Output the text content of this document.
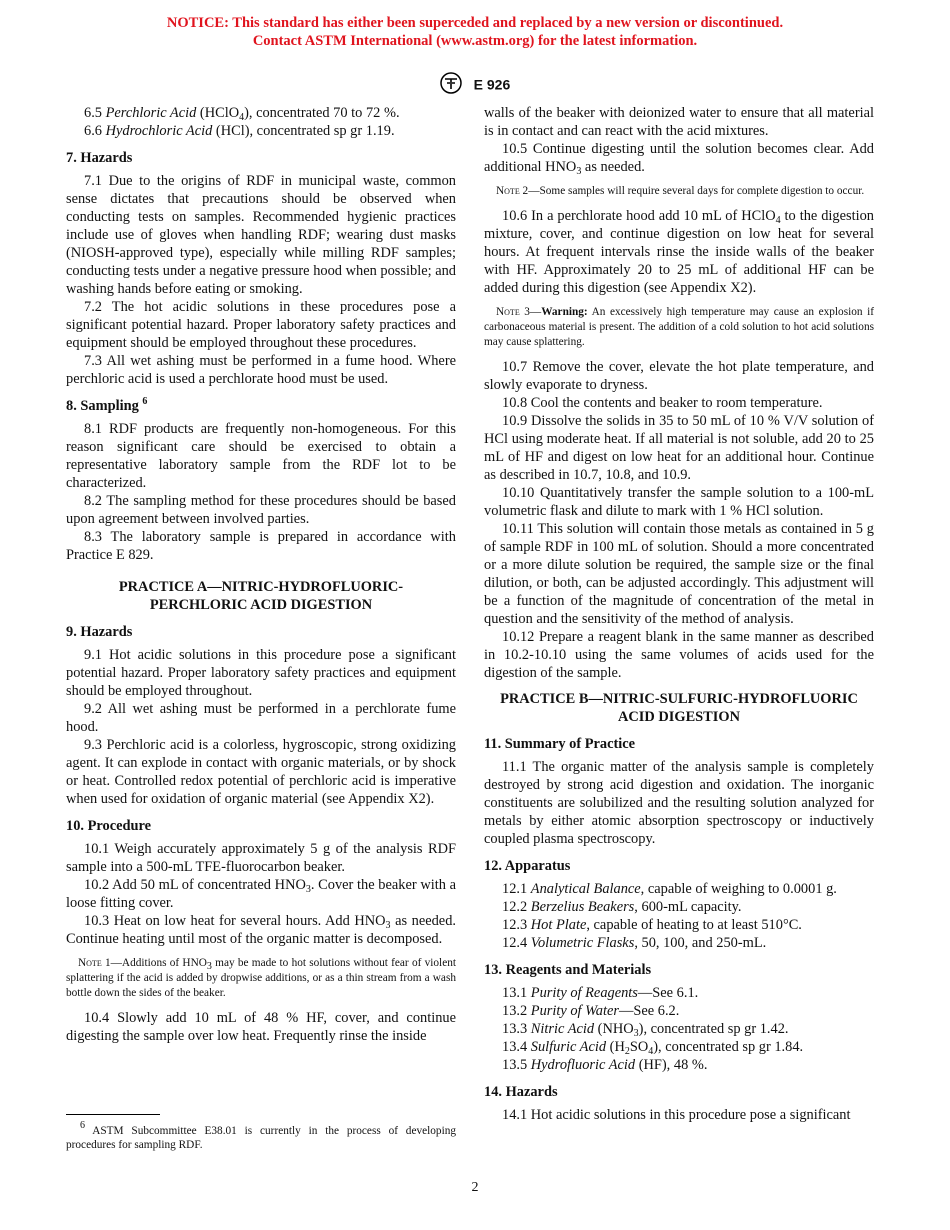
NOTICE: This standard has either been superceded and replaced by a new version or discontinued.
Contact ASTM International (www.astm.org) for the latest information.
E 926

6.5 Perchloric Acid (HClO$_4$), concentrated 70 to 72 %.

6.6 Hydrochloric Acid (HCl), concentrated sp gr 1.19.

7. Hazards

7.1 Due to the origins of RDF in municipal waste, common sense dictates that precautions should be observed when conducting tests on samples. Recommended hygienic practices include use of gloves when handling RDF; wearing dust masks (NIOSH-approved type), especially while milling RDF samples; conducting tests under a negative pressure hood when possible; and washing hands before eating or smoking.

7.2 The hot acidic solutions in these procedures pose a significant potential hazard. Proper laboratory safety practices and equipment should be employed throughout these procedures.

7.3 All wet ashing must be performed in a fume hood. Where perchloric acid is used a perchlorate hood must be used.

8. Sampling $^6$

8.1 RDF products are frequently non-homogeneous. For this reason significant care should be exercised to obtain a representative laboratory sample from the RDF lot to be characterized.

8.2 The sampling method for these procedures should be based upon agreement between involved parties.

8.3 The laboratory sample is prepared in accordance with Practice E 829.

PRACTICE A—NITRIC-HYDROFLUORIC-
PERCHLORIC ACID DIGESTION
9. Hazards

9.1 Hot acidic solutions in this procedure pose a significant potential hazard. Proper laboratory safety practices and equipment should be employed throughout.

9.2 All wet ashing must be performed in a perchlorate fume hood.

9.3 Perchloric acid is a colorless, hygroscopic, strong oxidizing agent. It can explode in contact with organic materials, or by shock or heat. Controlled redox potential of perchloric acid is imperative when used for oxidation of organic material (see Appendix X2).

10. Procedure

10.1 Weigh accurately approximately 5 g of the analysis RDF sample into a 500-mL TFE-fluorocarbon beaker.

10.2 Add 50 mL of concentrated $HNO_3$. Cover the beaker with a loose fitting cover.

10.3 Heat on low heat for several hours. Add $HNO_3$ as needed. Continue heating until most of the organic matter is decomposed.

Note 1—Additions of $HNO_3$ may be made to hot solutions without fear of violent splattering if the acid is added by dropwise additions, or as a thin stream from a wash bottle down the sides of the beaker.

10.4 Slowly add 10 mL of 48 % HF, cover, and continue digesting the sample over low heat. Frequently rinse the inside

$^6$ ASTM Subcommittee E38.01 is currently in the process of developing procedures for sampling RDF.

walls of the beaker with deionized water to ensure that all material is in contact and can react with the acid mixtures.

10.5 Continue digesting until the solution becomes clear. Add additional $HNO_3$ as needed.

Note 2—Some samples will require several days for complete digestion to occur.

10.6 In a perchlorate hood add 10 mL of HClO$_4$ to the digestion mixture, cover, and continue digestion on low heat for several hours. At frequent intervals rinse the inside walls of the beaker with HF. Approximately 20 to 25 mL of additional HF can be added during this digestion (see Appendix X2).

Note 3—Warning: An excessively high temperature may cause an explosion if carbonaceous material is present. The addition of a cold solution to hot acid solutions may cause splattering.

10.7 Remove the cover, elevate the hot plate temperature, and slowly evaporate to dryness.

10.8 Cool the contents and beaker to room temperature.

10.9 Dissolve the solids in 35 to 50 mL of 10 % V/V solution of HCl using moderate heat. If all material is not soluble, add 20 to 25 mL of HF and digest on low heat for an additional hour. Continue as described in 10.7, 10.8, and 10.9.

10.10 Quantitatively transfer the sample solution to a 100-mL volumetric flask and dilute to mark with 1 % HCl solution.

10.11 This solution will contain those metals as contained in 5 g of sample RDF in 100 mL of solution. Should a more concentrated or a more dilute solution be required, the sample size or the final dilution, or both, can be adjusted accordingly. This adjustment will be a function of the magnitude of concentration of the metal in question and the sensitivity of the method of analysis.

10.12 Prepare a reagent blank in the same manner as described in 10.2-10.10 using the same volumes of acids used for the digestion of the sample.

PRACTICE B—NITRIC-SULFURIC-HYDROFLUORIC
ACID DIGESTION
11. Summary of Practice

11.1 The organic matter of the analysis sample is completely destroyed by strong acid digestion and oxidation. The inorganic constituents are solubilized and the resulting solution analyzed for metals by either atomic absorption spectroscopy or inductively coupled plasma spectroscopy.

12. Apparatus

12.1 Analytical Balance, capable of weighing to 0.0001 g.

12.2 Berzelius Beakers, 600-mL capacity.

12.3 Hot Plate, capable of heating to at least 510°C.

12.4 Volumetric Flasks, 50, 100, and 250-mL.

13. Reagents and Materials

13.1 Purity of Reagents—See 6.1.

13.2 Purity of Water—See 6.2.

13.3 Nitric Acid $(NHO_3)$, concentrated sp gr 1.42.

13.4 Sulfuric Acid $(H_2SO_4)$, concentrated sp gr 1.84.

13.5 Hydrofluoric Acid (HF), 48 %.

14. Hazards

14.1 Hot acidic solutions in this procedure pose a significant

2
